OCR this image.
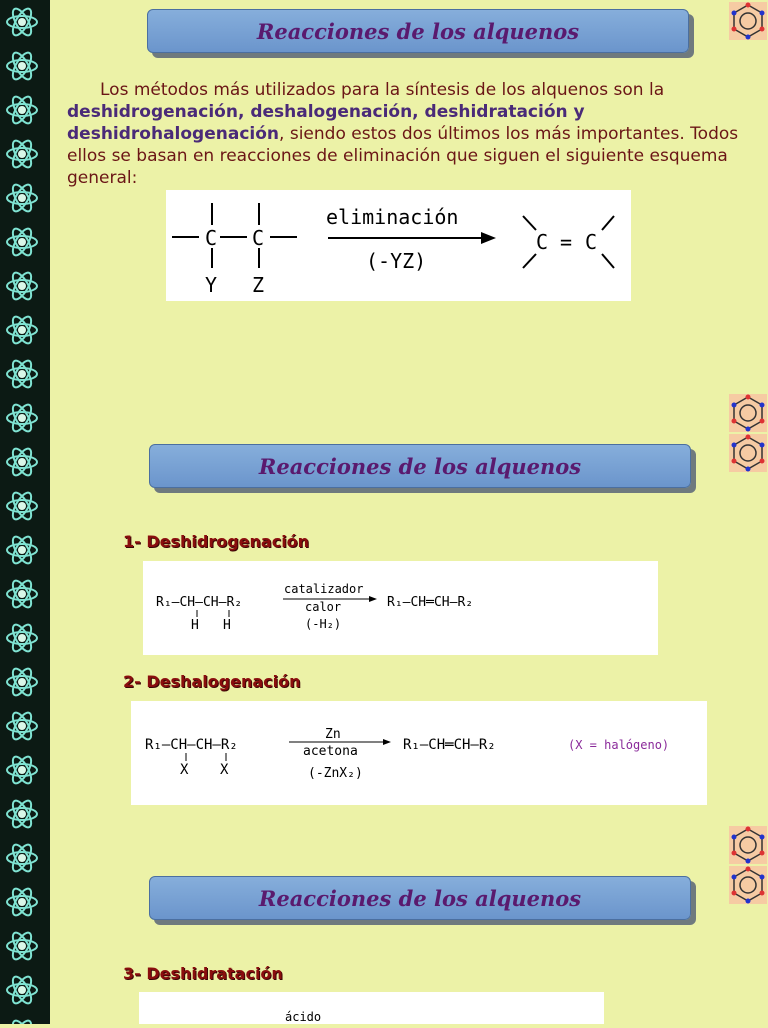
Reacciones de los alquenos
Los métodos más utilizados para la síntesis de los alquenos son la deshidrogenación, deshalogenación, deshidratación y deshidrohalogenación, siendo estos dos últimos los más importantes. Todos ellos se basan en reacciones de eliminación que siguen el siguiente esquema general:
C C
Y Z
eliminación
(-YZ)
C = C
Reacciones de los alquenos
1- Deshidrogenación
R₁—CH—CH—R₂
H H
catalizador
calor
(-H₂)
R₁—CH═CH—R₂
2- Deshalogenación
R₁—CH—CH—R₂
X X
Zn
acetona
(-ZnX₂)
R₁—CH═CH—R₂	(X = halógeno)
Reacciones de los alquenos
3- Deshidratación
ácido
